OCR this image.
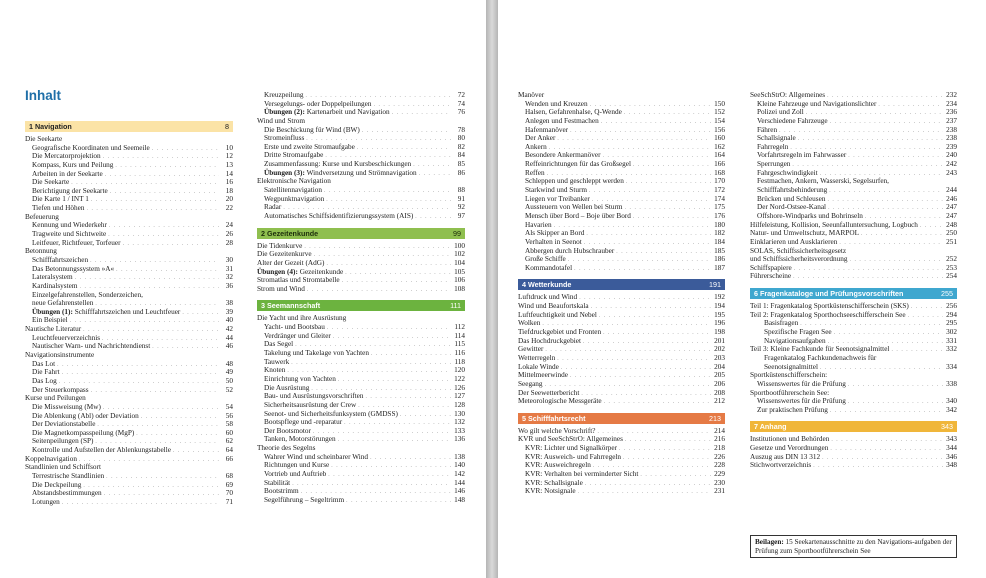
Inhalt
1 Navigation	8
Die Seekarte
Geografische Koordinaten und Seemeile . . .	10
Die Mercatorprojektion . . .	12
Kompass, Kurs und Peilung . . .	13
Arbeiten in der Seekarte . . .	14
Die Seekarte . . .	16
Berichtigung der Seekarte . . .	18
Die Karte 1 / INT 1 . . .	20
Tiefen und Höhen . . .	22
Befeuerung
Kennung und Wiederkehr . . .	24
Tragweite und Sichtweite . . .	26
Leitfeuer, Richtfeuer, Torfeuer . . .	28
Betonnung
Schifffahrtszeichen . . .	30
Das Betonnungssystem »A« . . .	31
Lateralsystem . . .	32
Kardinalsystem . . .	36
Einzelgefahrenstellen, Sonderzeichen,
neue Gefahrenstellen . . .	38
Übungen (1): Schifffahrtszeichen und Leuchtfeuer . . .	39
Ein Beispiel . . .	40
Nautische Literatur . . .	42
Leuchtfeuerverzeichnis . . .	44
Nautischer Warn- und Nachrichtendienst . . .	46
Navigationsinstrumente
Das Lot . . .	48
Die Fahrt . . .	49
Das Log . . .	50
Der Steuerkompass . . .	52
Kurse und Peilungen
Die Missweisung (Mw) . . .	54
Die Ablenkung (Abl) oder Deviation . . .	56
Der Deviationstabelle . . .	58
Die Magnetkompasspeilung (MgP) . . .	60
Seitenpeilungen (SP) . . .	62
Kontrolle und Aufstellen der Ablenkungstabelle . . .	64
Koppelnavigation . . .	66
Standlinien und Schiffsort
Terrestrische Standlinien . . .	68
Die Deckpeilung . . .	69
Abstandsbestimmungen . . .	70
Lotungen . . .	71
Kreuzpeilung . . .	72
Versegelungs- oder Doppelpeilungen . . .	74
Übungen (2): Kartenarbeit und Navigation . . .	76
Wind und Strom
Die Beschickung für Wind (BW) . . .	78
Stromeinfluss . . .	80
Erste und zweite Stromaufgabe . . .	82
Dritte Stromaufgabe . . .	84
Zusammenfassung: Kurse und Kursbeschickungen . . .	85
Übungen (3): Windversetzung und Strömnavigation . . .	86
Elektronische Navigation
Satellitennavigation . . .	88
Wegpunktnavigation . . .	91
Radar . . .	92
Automatisches Schiffsidentifizierungssystem (AIS) . . .	97
2 Gezeitenkunde	99
Die Tidenkurve . . .	100
Die Gezeitenkurve . . .	102
Alter der Gezeit (AdG) . . .	104
Übungen (4): Gezeitenkunde . . .	105
Stromatlas und Stromtabelle . . .	106
Strom und Wind . . .	108
3 Seemannschaft	111
Die Yacht und ihre Ausrüstung
Yacht- und Bootsbau . . .	112
Verdränger und Gleiter . . .	114
Das Segel . . .	115
Takelung und Takelage von Yachten . . .	116
Tauwerk . . .	118
Knoten . . .	120
Einrichtung von Yachten . . .	122
Die Ausrüstung . . .	126
Bau- und Ausrüstungsvorschriften . . .	127
Sicherheitsausrüstung der Crew . . .	128
Seenot- und Sicherheitsfunksystem (GMDSS) . . .	130
Bootspflege und -reparatur . . .	132
Der Bootsmotor . . .	133
Tanken, Motorstörungen . . .	136
Theorie des Segelns
Wahrer Wind und scheinbarer Wind . . .	138
Richtungen und Kurse . . .	140
Vortrieb und Auftrieb . . .	142
Stabilität . . .	144
Bootstrimm . . .	146
Segelführung – Segeltrimm . . .	148
Manöver
Wenden und Kreuzen . . .	150
Halsen, Gefahrenhalse, Q-Wende . . .	152
Anlegen und Festmachen . . .	154
Hafenmanöver . . .	156
Der Anker . . .	160
Ankern . . .	162
Besondere Ankermanöver . . .	164
Reffeinrichtungen für das Großsegel . . .	166
Reffen . . .	168
Schleppen und geschleppt werden . . .	170
Starkwind und Sturm . . .	172
Liegen vor Treibanker . . .	174
Aussteuern von Wellen bei Sturm . . .	175
Mensch über Bord – Boje über Bord . . .	176
Havarien . . .	180
Als Skipper an Bord . . .	182
Verhalten in Seenot . . .	184
Abbergen durch Hubschrauber . . .	185
Große Schiffe . . .	186
Kommandotafel . . .	187
4 Wetterkunde	191
Luftdruck und Wind . . .	192
Wind und Beaufortskala . . .	194
Luftfeuchtigkeit und Nebel . . .	195
Wolken . . .	196
Tiefdruckgebiet und Fronten . . .	198
Das Hochdruckgebiet . . .	201
Gewitter . . .	202
Wetterregeln . . .	203
Lokale Winde . . .	204
Mittelmeerwinde . . .	205
Seegang . . .	206
Der Seewetterbericht . . .	208
Meteorologische Messgeräte . . .	212
5 Schifffahrtsrecht	213
Wo gilt welche Vorschrift? . . .	214
KVR und SeeSchStrO: Allgemeines . . .	216
KVR: Lichter und Signalkörper . . .	218
KVR: Ausweich- und Fahrregeln . . .	226
KVR: Ausweichregeln . . .	228
KVR: Verhalten bei verminderter Sicht . . .	229
KVR: Schallsignale . . .	230
KVR: Notsignale . . .	231
SeeSchStrO: Allgemeines . . .	232
Kleine Fahrzeuge und Navigationslichter . . .	234
Polizei und Zoll . . .	236
Verschiedene Fahrzeuge . . .	237
Fähren . . .	238
Schallsignale . . .	238
Fahrregeln . . .	239
Vorfahrtsregeln im Fahrwasser . . .	240
Sperrungen . . .	242
Fahrgeschwindigkeit . . .	243
Festmachen, Ankern, Wasserski, Segelsurfen,
Schifffahrtsbehinderung . . .	244
Brücken und Schleusen . . .	246
Der Nord-Ostsee-Kanal . . .	247
Offshore-Windparks und Bohrinseln . . .	247
Hilfeleistung, Kollision, Seeunfalluntersuchung, Logbuch . . .	248
Natur- und Umweltschutz, MARPOL . . .	250
Einklarieren und Ausklarieren . . .	251
SOLAS, Schiffssicherheitsgesetz
und Schiffssicherheitsverordnung . . .	252
Schiffspapiere . . .	253
Führerscheine . . .	254
6 Fragenkataloge und Prüfungsvorschriften	255
Teil 1: Fragenkatalog Sportküstenschifferschein (SKS) . . .	256
Teil 2: Fragenkatalog Sporthochseeschifferschein See . . .	294
Basisfragen . . .	295
Spezifische Fragen See . . .	302
Navigationsaufgaben . . .	331
Teil 3: Kleine Fachkunde für Seenotsignalmittel . . .	332
Fragenkatalog Fachkundenachweis für
Seenotsignalmittel . . .	334
Sportküstenschifferschein:
Wissenswertes für die Prüfung . . .	338
Sportbootführerschein See:
Wissenswertes für die Prüfung . . .	340
Zur praktischen Prüfung . . .	342
7 Anhang	343
Institutionen und Behörden . . .	343
Gesetze und Verordnungen . . .	344
Auszug aus DIN 13 312 . . .	346
Stichwortverzeichnis . . .	348
Beilagen: 15 Seekartenausschnitte zu den Navigations-aufgaben der Prüfung zum Sportbootführerschein See
